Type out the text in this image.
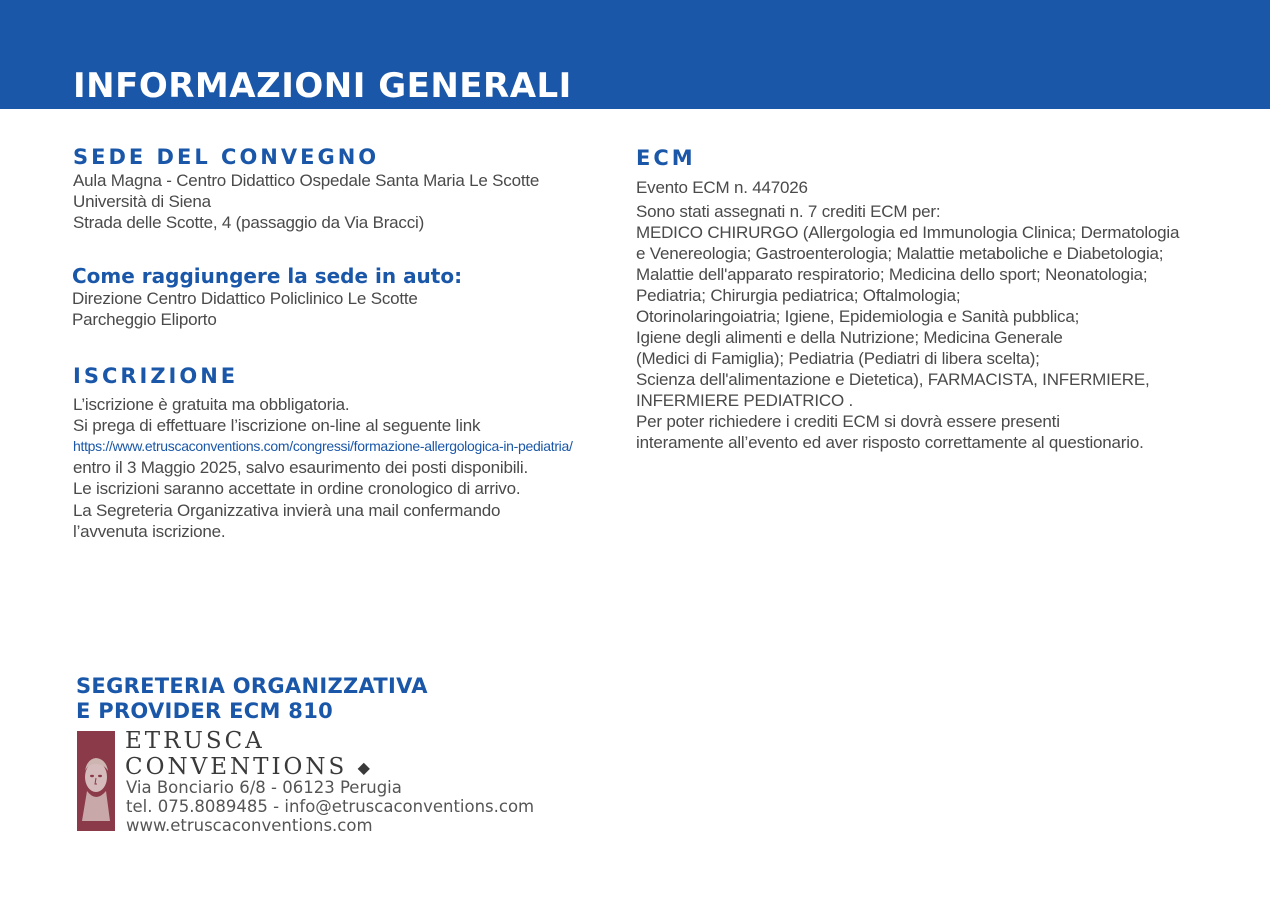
INFORMAZIONI GENERALI
SEDE DEL CONVEGNO
Aula Magna - Centro Didattico Ospedale Santa Maria Le Scotte
Università di Siena
Strada delle Scotte, 4 (passaggio da Via Bracci)
Come raggiungere la sede in auto:
Direzione Centro Didattico Policlinico Le Scotte
Parcheggio Eliporto
ISCRIZIONE
L’iscrizione è gratuita ma obbligatoria.
Si prega di effettuare l’iscrizione on-line al seguente link
https://www.etruscaconventions.com/congressi/formazione-allergologica-in-pediatria/
entro il 3 Maggio 2025, salvo esaurimento dei posti disponibili.
Le iscrizioni saranno accettate in ordine cronologico di arrivo.
La Segreteria Organizzativa invierà una mail confermando
l’avvenuta iscrizione.
ECM
Evento ECM n. 447026
Sono stati assegnati n. 7 crediti ECM per:
MEDICO CHIRURGO (Allergologia ed Immunologia Clinica; Dermatologia
e Venereologia; Gastroenterologia; Malattie metaboliche e Diabetologia;
Malattie dell'apparato respiratorio; Medicina dello sport; Neonatologia;
Pediatria; Chirurgia pediatrica; Oftalmologia;
Otorinolaringoiatria; Igiene, Epidemiologia e Sanità pubblica;
Igiene degli alimenti e della Nutrizione; Medicina Generale
(Medici di Famiglia); Pediatria (Pediatri di libera scelta);
Scienza dell'alimentazione e Dietetica), FARMACISTA, INFERMIERE,
INFERMIERE PEDIATRICO .
Per poter richiedere i crediti ECM si dovrà essere presenti
interamente all’evento ed aver risposto correttamente al questionario.
SEGRETERIA ORGANIZZATIVA
E PROVIDER ECM 810
ETRUSCA
CONVENTIONS ◆
Via Bonciario 6/8 - 06123 Perugia
tel. 075.8089485 - info@etruscaconventions.com
www.etruscaconventions.com
